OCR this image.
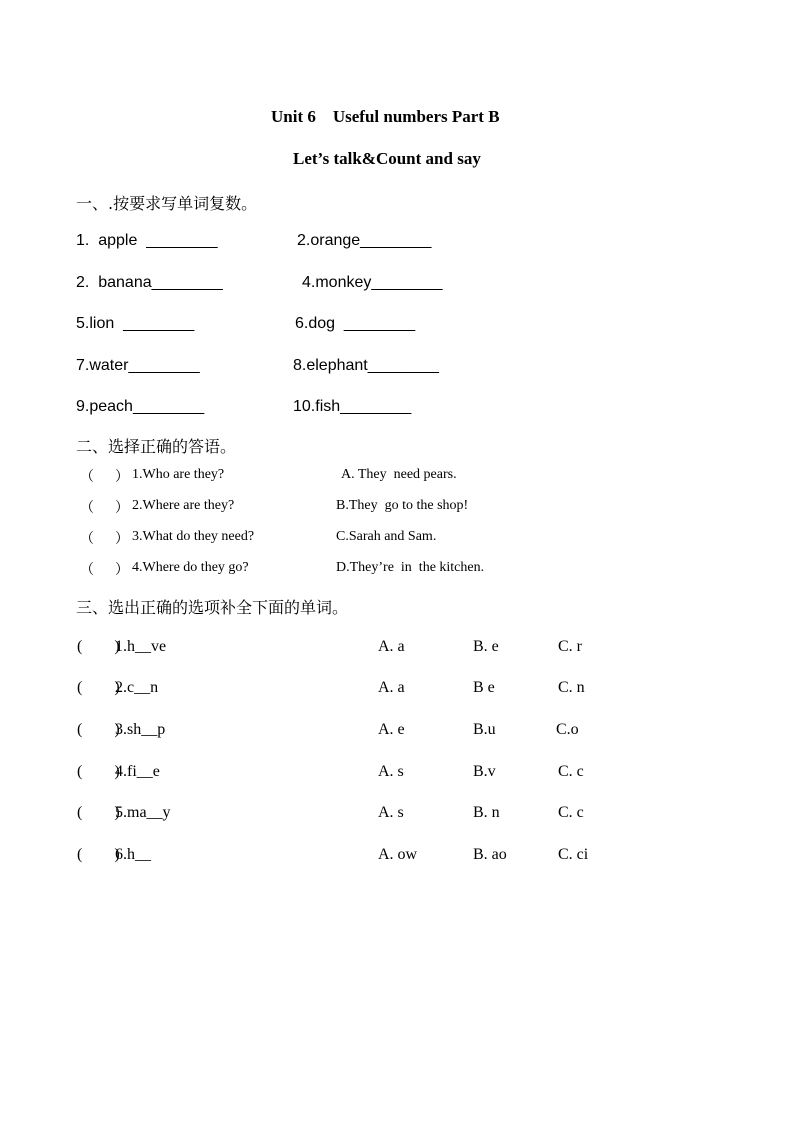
Unit 6    Useful numbers Part B
Let’s talk&Count and say
一、.按要求写单词复数。
1.  apple  ________	2.orange________
2.  banana________	4.monkey________
5.lion  ________	6.dog  ________
7.water________	8.elephant________
9.peach________	10.fish________
二、选择正确的答语。
（      ） 1.Who are they?	A. They  need pears.
（      ） 2.Where are they?	B.They  go to the shop!
（      ） 3.What do they need?	C.Sarah and Sam.
（      ） 4.Where do they go?	D.They’re  in  the kitchen.
三、选出正确的选项补全下面的单词。
(        )
1.h__ve	A. a	B. e	C. r
(        )
2.c__n	A. a	B e	C. n
(        )
3.sh__p	A. e	B.u	C.o
(        )
4.fi__e	A. s	B.v	C. c
(        )
5.ma__y	A. s	B. n	C. c
(        )
6.h__	A. ow	B. ao	C. ci
